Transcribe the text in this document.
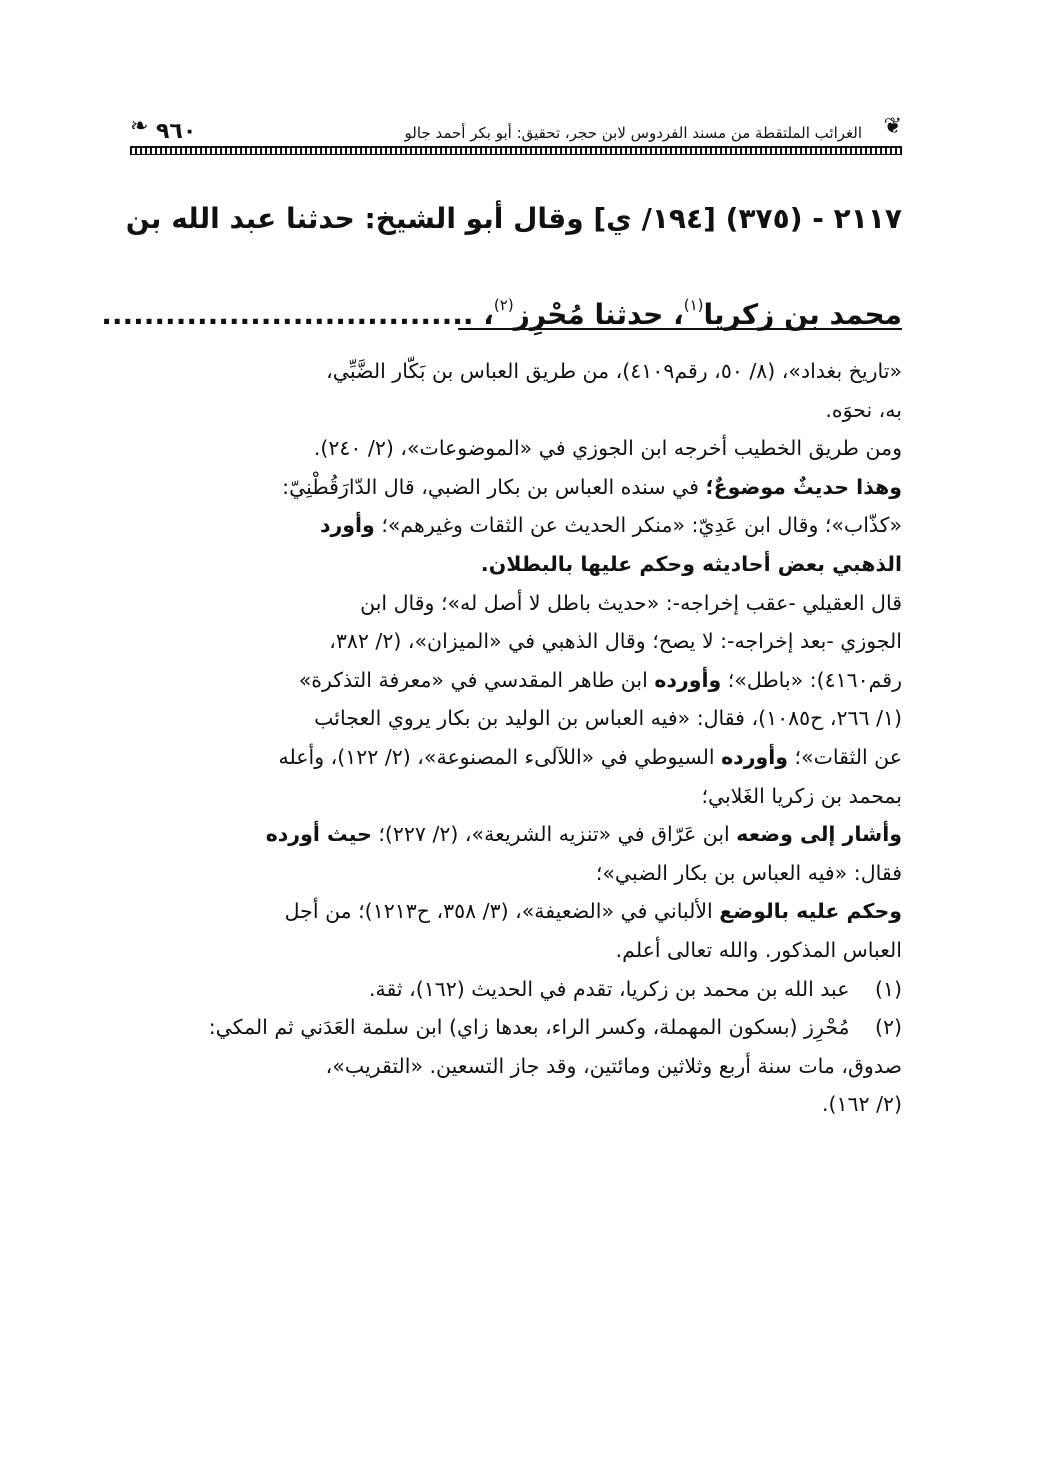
❦
الغرائب الملتقطة من مسند الفردوس لابن حجر، تحقيق: أبو بكر أحمد جالو
٩٦٠
❧

٢١١٧ - (٣٧٥) [١٩٤/ ي] وقال أبو الشيخ: حدثنا عبد الله بن

محمد بن زكريا$^{(١)}$، حدثنا مُحْرِز$^{(٢)}$، ...................................

«تاريخ بغداد»، (٨/ ٥٠، رقم٤١٠٩)، من طريق العباس بن بَكّار الضَّبِّي،
به، نحوَه.
ومن طريق الخطيب أخرجه ابن الجوزي في «الموضوعات»، (٢/ ٢٤٠).
وهذا حديثٌ موضوعٌ؛ في سنده العباس بن بكار الضبي، قال الدّارَقُطْنِيّ:
«كذّاب»؛ وقال ابن عَدِيّ: «منكر الحديث عن الثقات وغيرهم»؛ وأورد
الذهبي بعض أحاديثه وحكم عليها بالبطلان.
قال العقيلي -عقب إخراجه-: «حديث باطل لا أصل له»؛ وقال ابن
الجوزي -بعد إخراجه-: لا يصح؛ وقال الذهبي في «الميزان»، (٢/ ٣٨٢،
رقم٤١٦٠): «باطل»؛ وأورده ابن طاهر المقدسي في «معرفة التذكرة»
(١/ ٢٦٦، ح١٠٨٥)، فقال: «فيه العباس بن الوليد بن بكار يروي العجائب
عن الثقات»؛ وأورده السيوطي في «اللآلىء المصنوعة»، (٢/ ١٢٢)، وأعله
بمحمد بن زكريا الغَلابي؛
وأشار إلى وضعه ابن عَرّاق في «تنزيه الشريعة»، (٢/ ٢٢٧)؛ حيث أورده
فقال: «فيه العباس بن بكار الضبي»؛
وحكم عليه بالوضع الألباني في «الضعيفة»، (٣/ ٣٥٨، ح١٢١٣)؛ من أجل
العباس المذكور. والله تعالى أعلم.
(١) عبد الله بن محمد بن زكريا، تقدم في الحديث (١٦٢)، ثقة.
(٢) مُحْرِز (بسكون المهملة، وكسر الراء، بعدها زاي) ابن سلمة العَدَني ثم المكي:
صدوق، مات سنة أربع وثلاثين ومائتين، وقد جاز التسعين. «التقريب»،
(٢/ ١٦٢).
